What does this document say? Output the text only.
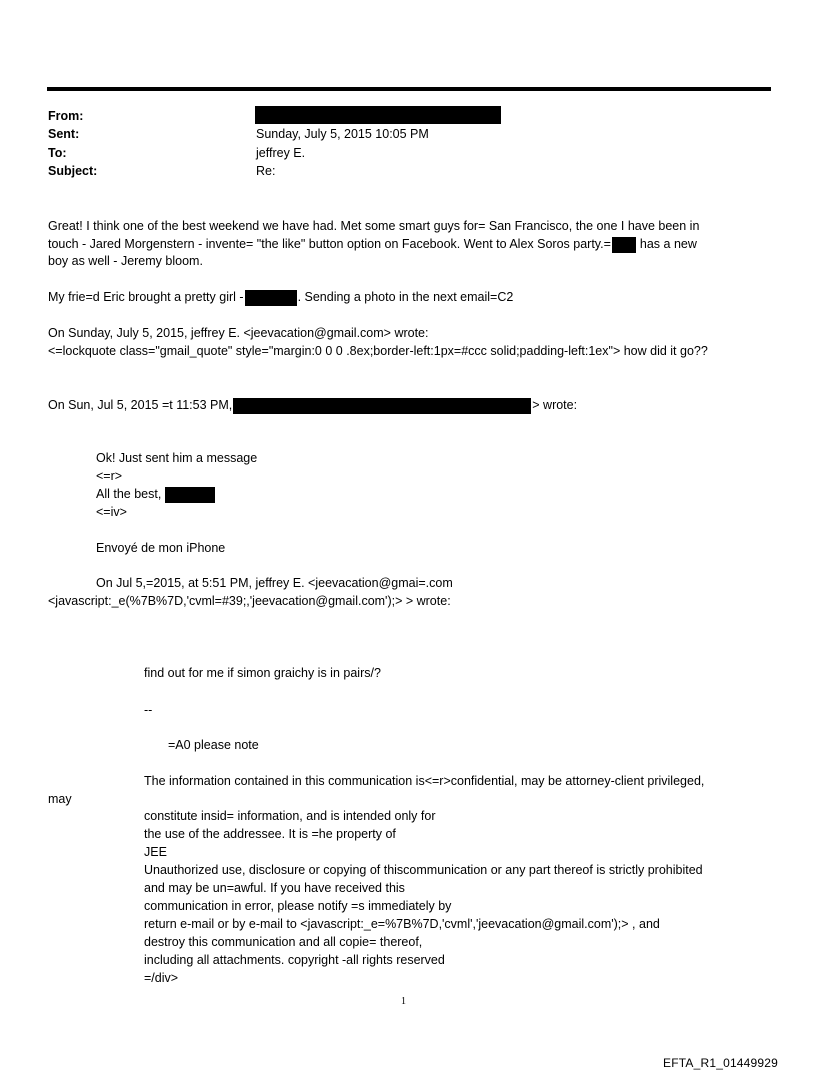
From:
Sent:	Sunday, July 5, 2015 10:05 PM
To:	jeffrey E.
Subject:	Re:
Great! I think one of the best weekend we have had. Met some smart guys for= San Francisco, the one I have been in
touch - Jared Morgenstern - invente= "the like" button option on Facebook. Went to Alex Soros party.= has a new
boy as well - Jeremy bloom.
My frie=d Eric brought a pretty girl -	. Sending a photo in the next email=C2
On Sunday, July 5, 2015, jeffrey E. <jeevacation@gmail.com> wrote:
<=lockquote class="gmail_quote" style="margin:0 0 0 .8ex;border-left:1px=#ccc solid;padding-left:1ex"> how did it go??
On Sun, Jul 5, 2015 =t 11:53 PM,	> wrote:
Ok! Just sent him a message
<=r>
All the best,
<=iv>
Envoyé de mon iPhone
On Jul 5,=2015, at 5:51 PM, jeffrey E. <jeevacation@gmai=.com
<javascript:_e(%7B%7D,'cvml=#39;,'jeevacation@gmail.com');> > wrote:
find out for me if simon graichy is in pairs/?
--
=A0 please note
The information contained in this communication is<=r>confidential, may be attorney-client privileged,
may
constitute insid= information, and is intended only for
the use of the addressee. It is =he property of
JEE
Unauthorized use, disclosure or copying of thiscommunication or any part thereof is strictly prohibited
and may be un=awful. If you have received this
communication in error, please notify =s immediately by
return e-mail or by e-mail to <javascript:_e=%7B%7D,'cvml','jeevacation@gmail.com');> , and
destroy this communication and all copie= thereof,
including all attachments. copyright -all rights reserved
=/div>
1
EFTA_R1_01449929
